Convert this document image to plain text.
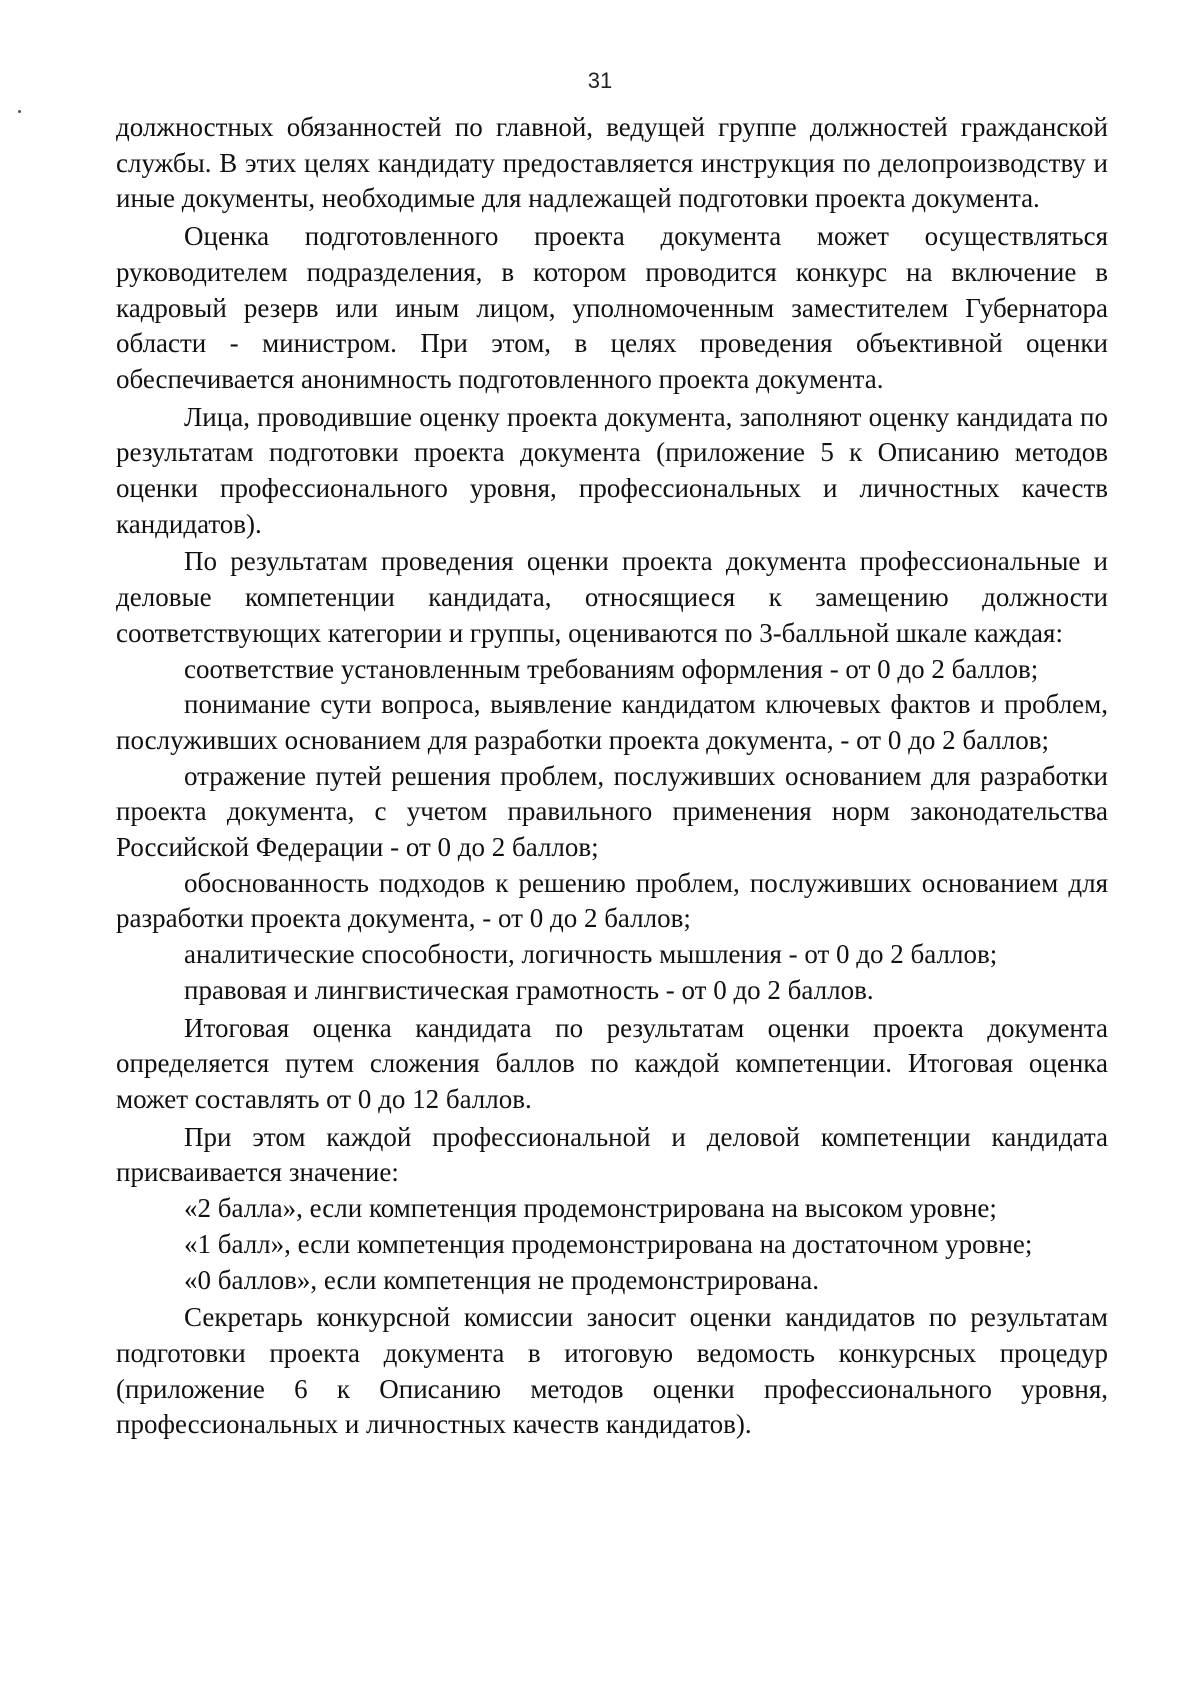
31

должностных обязанностей по главной, ведущей группе должностей гражданской службы. В этих целях кандидату предоставляется инструкция по делопроизводству и иные документы, необходимые для надлежащей подготовки проекта документа.

Оценка подготовленного проекта документа может осуществляться руководителем подразделения, в котором проводится конкурс на включение в кадровый резерв или иным лицом, уполномоченным заместителем Губернатора области - министром. При этом, в целях проведения объективной оценки обеспечивается анонимность подготовленного проекта документа.

Лица, проводившие оценку проекта документа, заполняют оценку кандидата по результатам подготовки проекта документа (приложение 5 к Описанию методов оценки профессионального уровня, профессиональных и личностных качеств кандидатов).

По результатам проведения оценки проекта документа профессиональные и деловые компетенции кандидата, относящиеся к замещению должности соответствующих категории и группы, оцениваются по 3-балльной шкале каждая:

соответствие установленным требованиям оформления - от 0 до 2 баллов;

понимание сути вопроса, выявление кандидатом ключевых фактов и проблем, послуживших основанием для разработки проекта документа, - от 0 до 2 баллов;

отражение путей решения проблем, послуживших основанием для разработки проекта документа, с учетом правильного применения норм законодательства Российской Федерации - от 0 до 2 баллов;

обоснованность подходов к решению проблем, послуживших основанием для разработки проекта документа, - от 0 до 2 баллов;

аналитические способности, логичность мышления - от 0 до 2 баллов;

правовая и лингвистическая грамотность - от 0 до 2 баллов.

Итоговая оценка кандидата по результатам оценки проекта документа определяется путем сложения баллов по каждой компетенции. Итоговая оценка может составлять от 0 до 12 баллов.

При этом каждой профессиональной и деловой компетенции кандидата присваивается значение:

«2 балла», если компетенция продемонстрирована на высоком уровне;

«1 балл», если компетенция продемонстрирована на достаточном уровне;

«0 баллов», если компетенция не продемонстрирована.

Секретарь конкурсной комиссии заносит оценки кандидатов по результатам подготовки проекта документа в итоговую ведомость конкурсных процедур (приложение 6 к Описанию методов оценки профессионального уровня, профессиональных и личностных качеств кандидатов).
